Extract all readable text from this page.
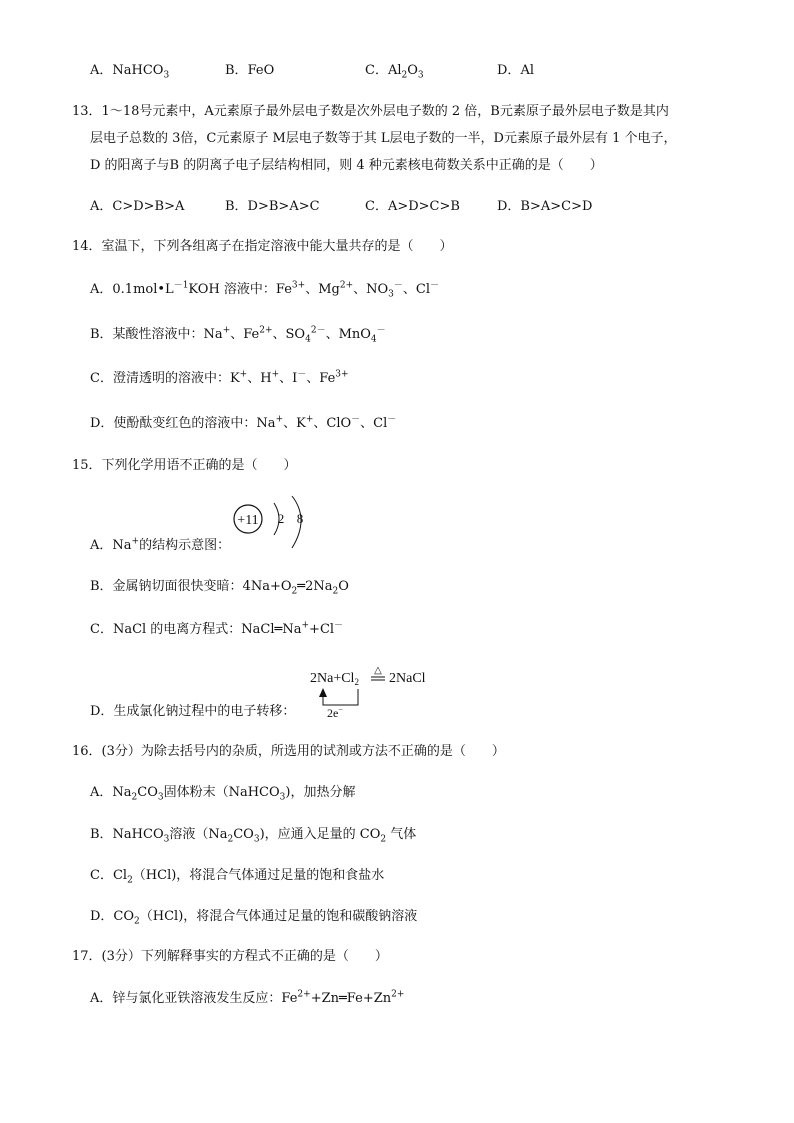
A．NaHCO$_3$	B．FeO	C．$Al_2O_3$	D．Al
13．1～18号元素中，A元素原子最外层电子数是次外层电子数的 2 倍，B元素原子最外层电子数是其内
层电子总数的 3倍，C元素原子 M层电子数等于其 L层电子数的一半，D元素原子最外层有 1 个电子，
D 的阳离子与B 的阴离子电子层结构相同，则 4 种元素核电荷数关系中正确的是（　　）
A．C>D>B>A	B．D>B>A>C	C．A>D>C>B	D．B>A>C>D
14．室温下，下列各组离子在指定溶液中能大量共存的是（　　）
A．$0.1mol•L^{-1}KOH$ 溶液中：$Fe^{3+}$、$Mg^{2+}$、$NO_3^-$、Cl－
B．某酸性溶液中：Na+、$Fe^{2+}$、$SO_4^{2-}$、MnO$_4$－
C．澄清透明的溶液中：K+、H+、I－、$Fe^{3+}$
D．使酚酞变红色的溶液中：Na+、K+、ClO－、Cl－
15．下列化学用语不正确的是（　　）
A．Na+的结构示意图：
+11 2 8
B．金属钠切面很快变暗：$4Na+O_2═2Na_2O$
C．NaCl 的电离方程式：NaCl═Na++Cl－
$2Na+Cl_2$
△
2NaCl
2e−
D．生成氯化钠过程中的电子转移：
16．(3分）为除去括号内的杂质，所选用的试剂或方法不正确的是（　　）
A．$Na_2CO_3$固体粉末（NaHCO$_3$)，加热分解
B．NaHCO$_3$溶液$(Na_2CO_3)$，应通入足量的 $CO_2$ 气体
C．$Cl_2(HCl)$，将混合气体通过足量的饱和食盐水
D．$CO_2(HCl)$，将混合气体通过足量的饱和碳酸钠溶液
17．(3分）下列解释事实的方程式不正确的是（　　）
A．锌与氯化亚铁溶液发生反应：$Fe^{2+}+Zn═Fe+Zn^{2+}$
